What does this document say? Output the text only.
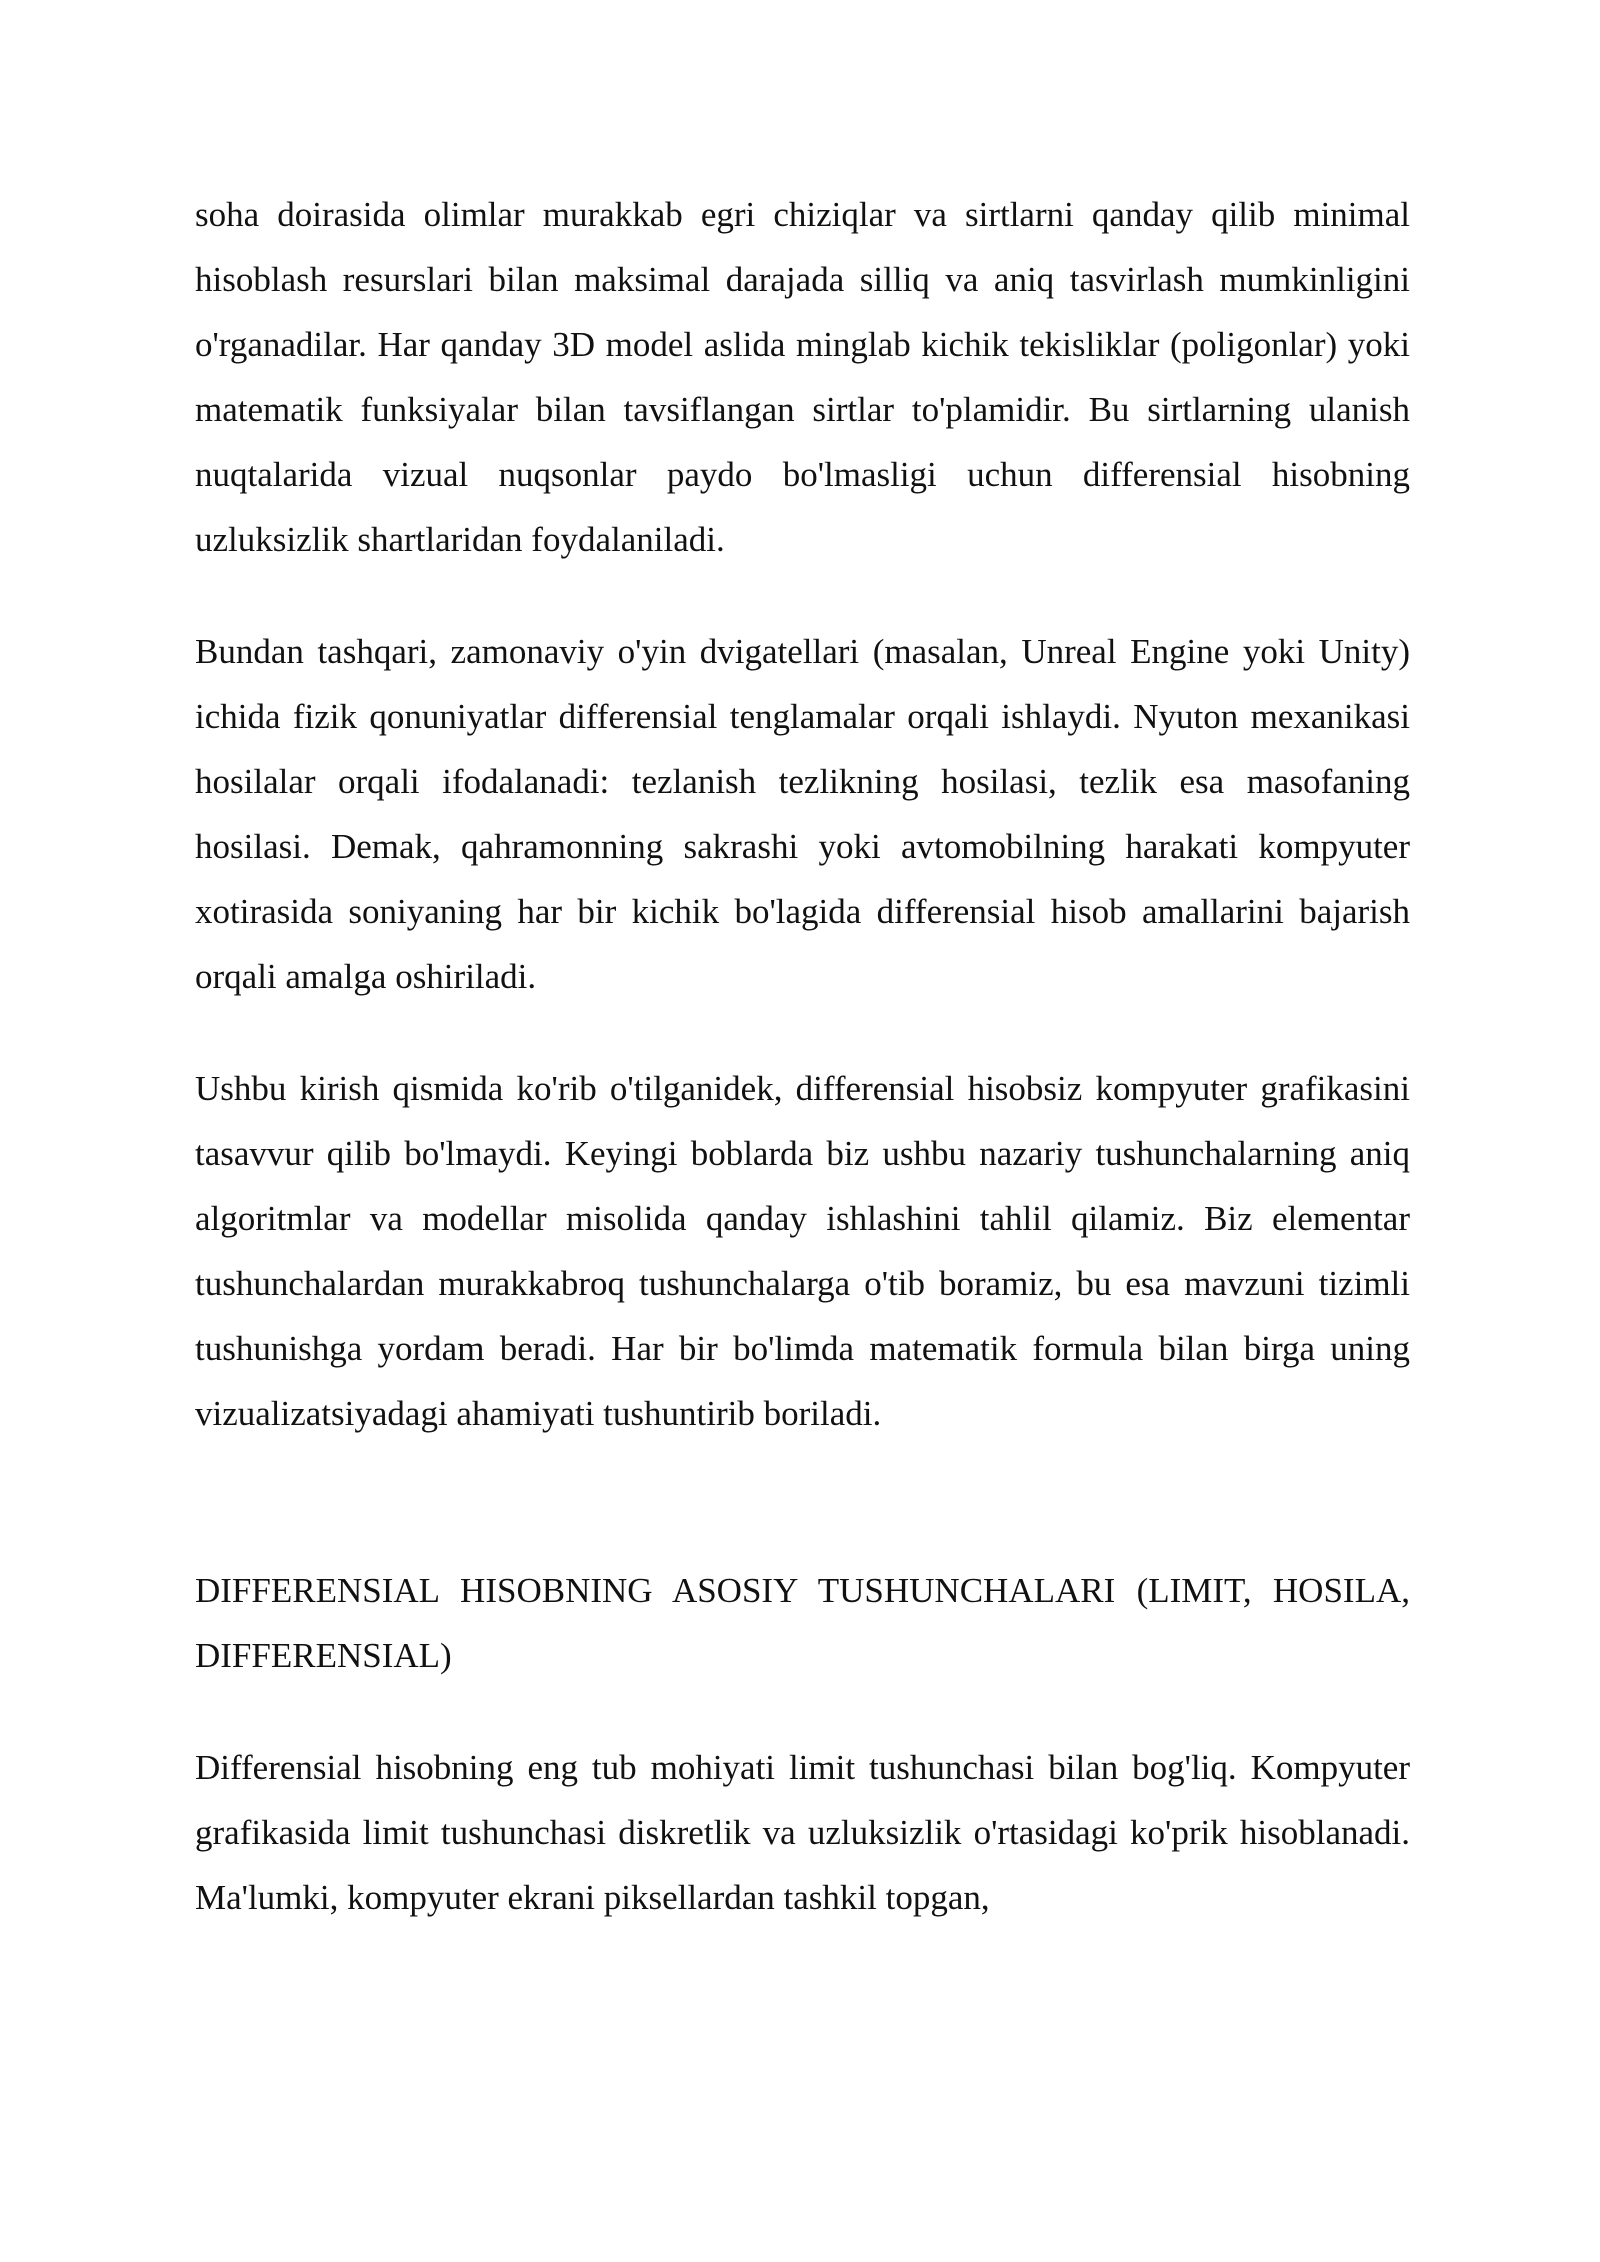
soha doirasida olimlar murakkab egri chiziqlar va sirtlarni qanday qilib minimal hisoblash resurslari bilan maksimal darajada silliq va aniq tasvirlash mumkinligini o'rganadilar. Har qanday 3D model aslida minglab kichik tekisliklar (poligonlar) yoki matematik funksiyalar bilan tavsiflangan sirtlar to'plamidir. Bu sirtlarning ulanish nuqtalarida vizual nuqsonlar paydo bo'lmasligi uchun differensial hisobning uzluksizlik shartlaridan foydalaniladi.

Bundan tashqari, zamonaviy o'yin dvigatellari (masalan, Unreal Engine yoki Unity) ichida fizik qonuniyatlar differensial tenglamalar orqali ishlaydi. Nyuton mexanikasi hosilalar orqali ifodalanadi: tezlanish tezlikning hosilasi, tezlik esa masofaning hosilasi. Demak, qahramonning sakrashi yoki avtomobilning harakati kompyuter xotirasida soniyaning har bir kichik bo'lagida differensial hisob amallarini bajarish orqali amalga oshiriladi.

Ushbu kirish qismida ko'rib o'tilganidek, differensial hisobsiz kompyuter grafikasini tasavvur qilib bo'lmaydi. Keyingi boblarda biz ushbu nazariy tushunchalarning aniq algoritmlar va modellar misolida qanday ishlashini tahlil qilamiz. Biz elementar tushunchalardan murakkabroq tushunchalarga o'tib boramiz, bu esa mavzuni tizimli tushunishga yordam beradi. Har bir bo'limda matematik formula bilan birga uning vizualizatsiyadagi ahamiyati tushuntirib boriladi.

DIFFERENSIAL HISOBNING ASOSIY TUSHUNCHALARI (LIMIT, HOSILA, DIFFERENSIAL)

Differensial hisobning eng tub mohiyati limit tushunchasi bilan bog'liq. Kompyuter grafikasida limit tushunchasi diskretlik va uzluksizlik o'rtasidagi ko'prik hisoblanadi. Ma'lumki, kompyuter ekrani piksellardan tashkil topgan,
